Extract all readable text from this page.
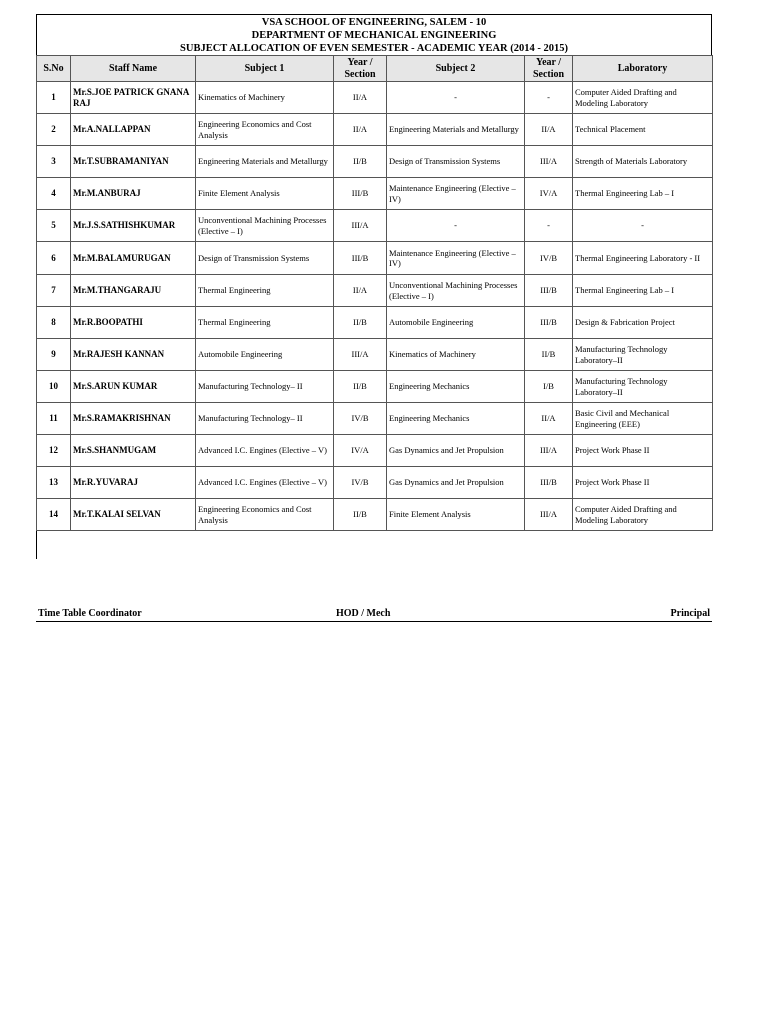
VSA SCHOOL OF ENGINEERING, SALEM - 10
DEPARTMENT OF MECHANICAL ENGINEERING
SUBJECT ALLOCATION OF EVEN SEMESTER - ACADEMIC YEAR (2014 - 2015)
S.No	Staff Name	Subject 1	Year / Section	Subject 2	Year / Section	Laboratory
1	Mr.S.JOE PATRICK GNANA RAJ	Kinematics of Machinery	II/A	-	-	Computer Aided Drafting and Modeling Laboratory
2	Mr.A.NALLAPPAN	Engineering Economics and Cost Analysis	II/A	Engineering Materials and Metallurgy	II/A	Technical Placement
3	Mr.T.SUBRAMANIYAN	Engineering Materials and Metallurgy	II/B	Design of Transmission Systems	III/A	Strength of Materials Laboratory
4	Mr.M.ANBURAJ	Finite Element Analysis	III/B	Maintenance Engineering (Elective – IV)	IV/A	Thermal Engineering Lab – I
5	Mr.J.S.SATHISHKUMAR	Unconventional Machining Processes (Elective – I)	III/A	-	-	-
6	Mr.M.BALAMURUGAN	Design of Transmission Systems	III/B	Maintenance Engineering (Elective – IV)	IV/B	Thermal Engineering Laboratory - II
7	Mr.M.THANGARAJU	Thermal Engineering	II/A	Unconventional Machining Processes (Elective – I)	III/B	Thermal Engineering Lab – I
8	Mr.R.BOOPATHI	Thermal Engineering	II/B	Automobile Engineering	III/B	Design & Fabrication Project
9	Mr.RAJESH KANNAN	Automobile Engineering	III/A	Kinematics of Machinery	II/B	Manufacturing Technology Laboratory–II
10	Mr.S.ARUN KUMAR	Manufacturing Technology– II	II/B	Engineering Mechanics	I/B	Manufacturing Technology Laboratory–II
11	Mr.S.RAMAKRISHNAN	Manufacturing Technology– II	IV/B	Engineering Mechanics	II/A	Basic Civil and Mechanical Engineering (EEE)
12	Mr.S.SHANMUGAM	Advanced I.C. Engines (Elective – V)	IV/A	Gas Dynamics and Jet Propulsion	III/A	Project Work Phase II
13	Mr.R.YUVARAJ	Advanced I.C. Engines (Elective – V)	IV/B	Gas Dynamics and Jet Propulsion	III/B	Project Work Phase II
14	Mr.T.KALAI SELVAN	Engineering Economics and Cost Analysis	II/B	Finite Element Analysis	III/A	Computer Aided Drafting and Modeling Laboratory
Time Table Coordinator	HOD / Mech	Principal
